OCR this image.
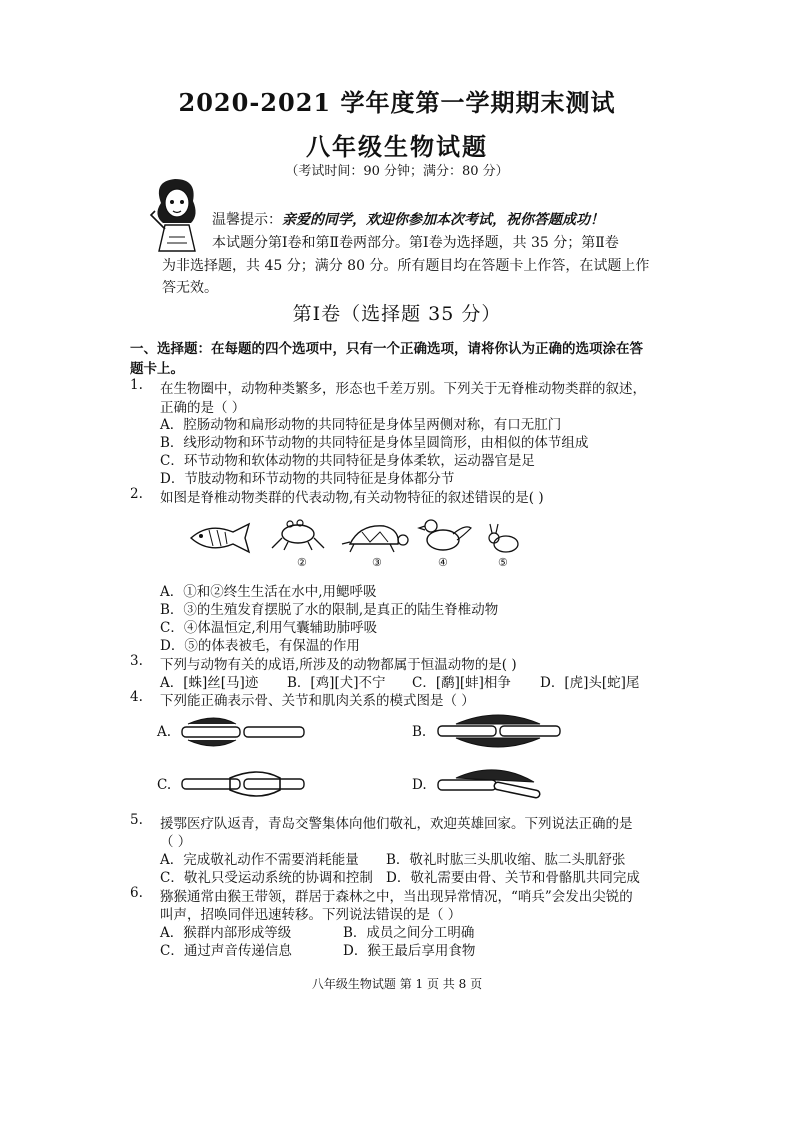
2020-2021 学年度第一学期期末测试
八年级生物试题
（考试时间：90 分钟；满分：80 分）
温馨提示：亲爱的同学，欢迎你参加本次考试，祝你答题成功！
本试题分第Ⅰ卷和第Ⅱ卷两部分。第Ⅰ卷为选择题，共 35 分；第Ⅱ卷
为非选择题，共 45 分；满分 80 分。所有题目均在答题卡上作答，在试题上作
答无效。
第Ⅰ卷（选择题 35 分）
一、选择题：在每题的四个选项中，只有一个正确选项，请将你认为正确的选项涂在答
题卡上。
1. 在生物圈中，动物种类繁多，形态也千差万别。下列关于无脊椎动物类群的叙述，
正确的是（ ）
A．腔肠动物和扁形动物的共同特征是身体呈两侧对称，有口无肛门
B．线形动物和环节动物的共同特征是身体呈圆筒形，由相似的体节组成
C．环节动物和软体动物的共同特征是身体柔软，运动器官是足
D．节肢动物和环节动物的共同特征是身体都分节
2. 如图是脊椎动物类群的代表动物,有关动物特征的叙述错误的是( )
②	③	④	⑤
A．①和②终生生活在水中,用鳃呼吸
B．③的生殖发育摆脱了水的限制,是真正的陆生脊椎动物
C．④体温恒定,利用气囊辅助肺呼吸
D．⑤的体表被毛，有保温的作用
3. 下列与动物有关的成语,所涉及的动物都属于恒温动物的是( )
A．[蛛]丝[马]迹 B．[鸡][犬]不宁 C．[鹬][蚌]相争 D．[虎]头[蛇]尾
4. 下列能正确表示骨、关节和肌肉关系的模式图是（ ）
A.	B.
C.	D.
5. 援鄂医疗队返青，青岛交警集体向他们敬礼，欢迎英雄回家。下列说法正确的是
（ ）
A．完成敬礼动作不需要消耗能量 B．敬礼时肱三头肌收缩、肱二头肌舒张
C．敬礼只受运动系统的协调和控制 D．敬礼需要由骨、关节和骨骼肌共同完成
6. 猕猴通常由猴王带领，群居于森林之中，当出现异常情况，“哨兵”会发出尖锐的
叫声，招唤同伴迅速转移。下列说法错误的是（ ）
A．猴群内部形成等级	B．成员之间分工明确
C．通过声音传递信息	D．猴王最后享用食物
八年级生物试题 第 1 页 共 8 页
